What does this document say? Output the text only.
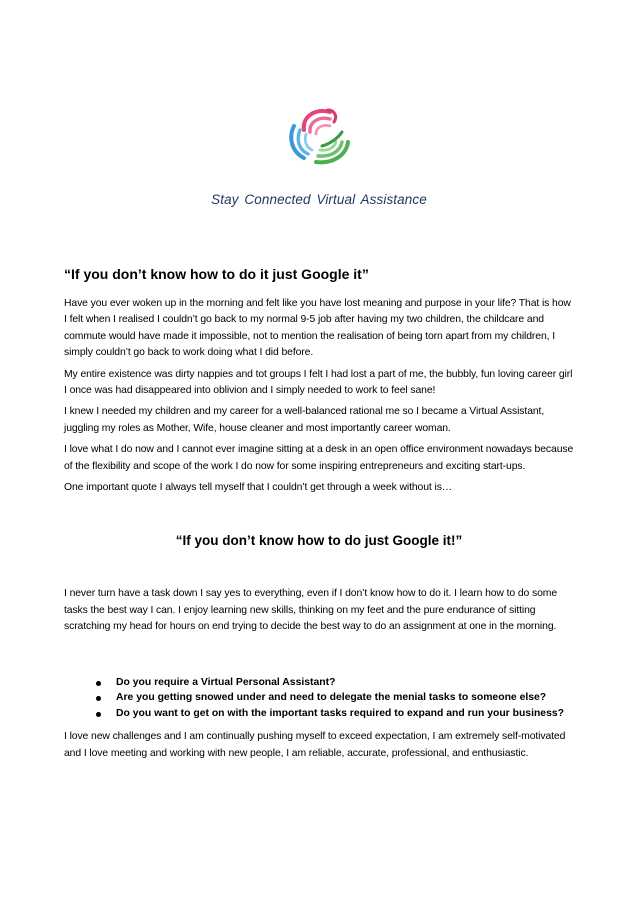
Stay Connected Virtual Assistance
“If you don’t know how to do it just Google it”

Have you ever woken up in the morning and felt like you have lost meaning and purpose in your life? That is how I felt when I realised I couldn’t go back to my normal 9-5 job after having my two children, the childcare and commute would have made it impossible, not to mention the realisation of being torn apart from my children, I simply couldn’t go back to work doing what I did before.

My entire existence was dirty nappies and tot groups I felt I had lost a part of me, the bubbly, fun loving career girl I once was had disappeared into oblivion and I simply needed to work to feel sane!

I knew I needed my children and my career for a well-balanced rational me so I became a Virtual Assistant, juggling my roles as Mother, Wife, house cleaner and most importantly career woman.

I love what I do now and I cannot ever imagine sitting at a desk in an open office environment nowadays because of the flexibility and scope of the work I do now for some inspiring entrepreneurs and exciting start-ups.

One important quote I always tell myself that I couldn’t get through a week without is…

“If you don’t know how to do just Google it!”

I never turn have a task down I say yes to everything, even if I don’t know how to do it. I learn how to do some tasks the best way I can. I enjoy learning new skills, thinking on my feet and the pure endurance of sitting scratching my head for hours on end trying to decide the best way to do an assignment at one in the morning.

Do you require a Virtual Personal Assistant?
Are you getting snowed under and need to delegate the menial tasks to someone else?
Do you want to get on with the important tasks required to expand and run your business?

I love new challenges and I am continually pushing myself to exceed expectation, I am extremely self-motivated and I love meeting and working with new people, I am reliable, accurate, professional, and enthusiastic.
